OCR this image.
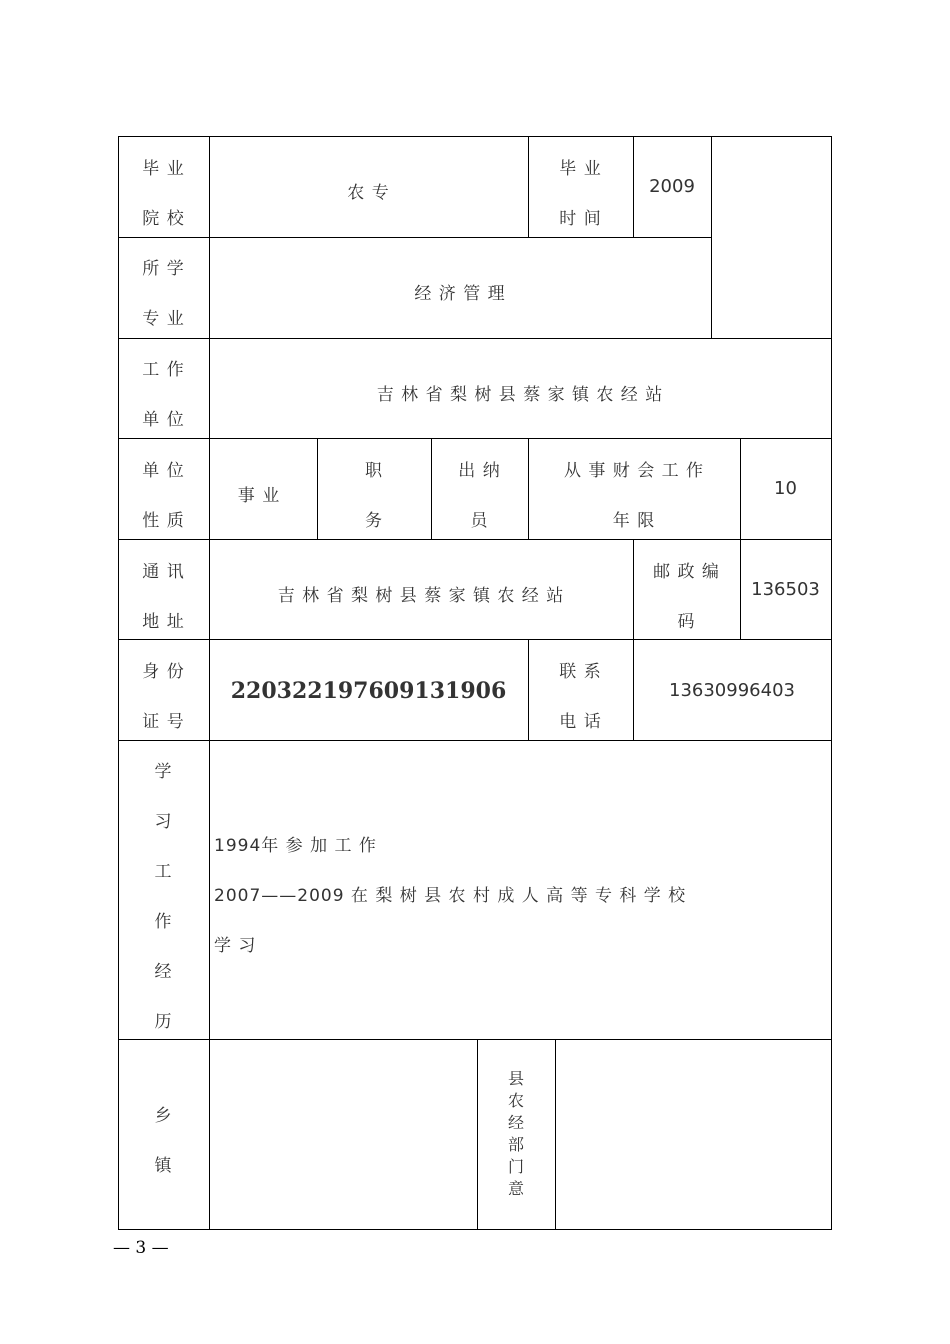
毕 业
院 校
农 专
毕 业
时 间
2009
所 学
专 业
经 济 管 理
工 作
单 位
吉 林 省 梨 树 县 蔡 家 镇 农 经 站
单 位
性 质
事 业
职
务
出 纳
员
从 事 财 会 工 作
年 限
10
通 讯
地 址
吉 林 省 梨 树 县 蔡 家 镇 农 经 站
邮 政 编
码
136503
身 份
证 号
220322197609131906
联 系
电 话
13630996403
学
习
工
作
经
历
1994年 参 加 工 作
2007——2009 在 梨 树 县 农 村 成 人 高 等 专 科 学 校
学 习
乡
镇
县农经部门意
— 3 —
